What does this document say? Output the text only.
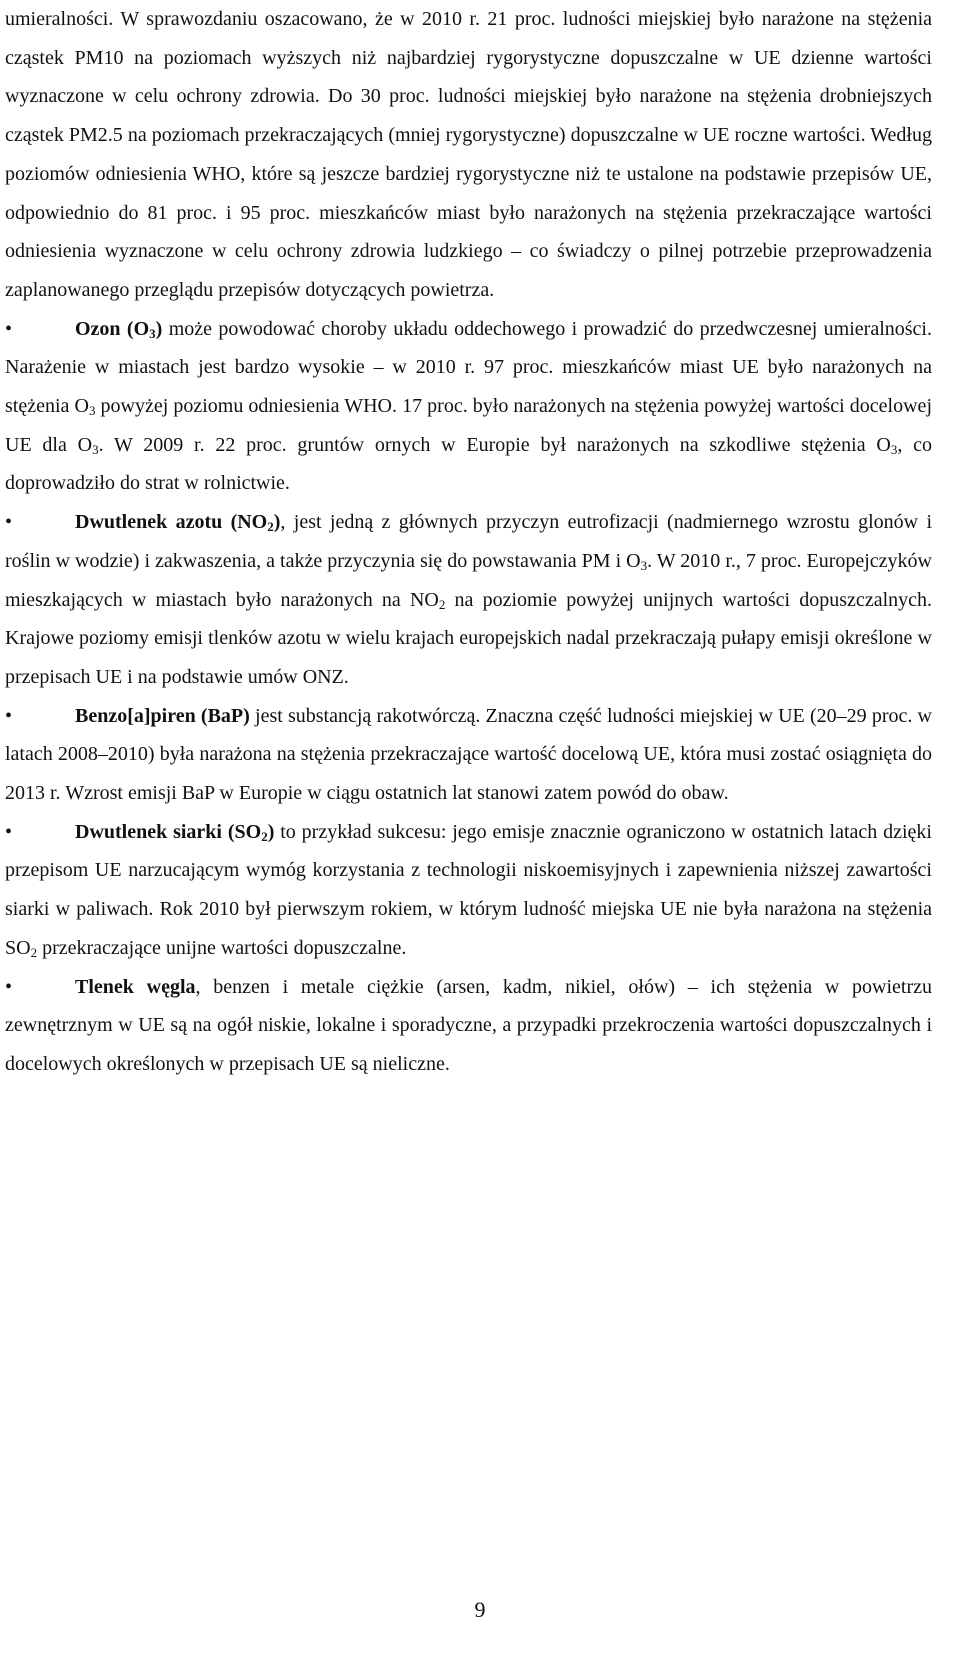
umieralności. W sprawozdaniu oszacowano, że w 2010 r. 21 proc. ludności miejskiej było narażone na stężenia cząstek PM10 na poziomach wyższych niż najbardziej rygorystyczne dopuszczalne w UE dzienne wartości wyznaczone w celu ochrony zdrowia. Do 30 proc. ludności miejskiej było narażone na stężenia drobniejszych cząstek PM2.5 na poziomach przekraczających (mniej rygorystyczne) dopuszczalne w UE roczne wartości. Według poziomów odniesienia WHO, które są jeszcze bardziej rygorystyczne niż te ustalone na podstawie przepisów UE, odpowiednio do 81 proc. i 95 proc. mieszkańców miast było narażonych na stężenia przekraczające wartości odniesienia wyznaczone w celu ochrony zdrowia ludzkiego – co świadczy o pilnej potrzebie przeprowadzenia zaplanowanego przeglądu przepisów dotyczących powietrza.

•	Ozon $(O_3)$ może powodować choroby układu oddechowego i prowadzić do przedwczesnej umieralności. Narażenie w miastach jest bardzo wysokie – w 2010 r. 97 proc. mieszkańców miast UE było narażonych na stężenia $O_3$ powyżej poziomu odniesienia WHO. 17 proc. było narażonych na stężenia powyżej wartości docelowej UE dla $O_3$. W 2009 r. 22 proc. gruntów ornych w Europie był narażonych na szkodliwe stężenia $O_3$, co doprowadziło do strat w rolnictwie.

•	Dwutlenek azotu $(NO_2)$, jest jedną z głównych przyczyn eutrofizacji (nadmiernego wzrostu glonów i roślin w wodzie) i zakwaszenia, a także przyczynia się do powstawania PM i $O_3$. W 2010 r., 7 proc. Europejczyków mieszkających w miastach było narażonych na $NO_2$ na poziomie powyżej unijnych wartości dopuszczalnych. Krajowe poziomy emisji tlenków azotu w wielu krajach europejskich nadal przekraczają pułapy emisji określone w przepisach UE i na podstawie umów ONZ.

•	Benzo[a]piren (BaP) jest substancją rakotwórczą. Znaczna część ludności miejskiej w UE (20–29 proc. w latach 2008–2010) była narażona na stężenia przekraczające wartość docelową UE, która musi zostać osiągnięta do 2013 r. Wzrost emisji BaP w Europie w ciągu ostatnich lat stanowi zatem powód do obaw.

•	Dwutlenek siarki $(SO_2)$ to przykład sukcesu: jego emisje znacznie ograniczono w ostatnich latach dzięki przepisom UE narzucającym wymóg korzystania z technologii niskoemisyjnych i zapewnienia niższej zawartości siarki w paliwach. Rok 2010 był pierwszym rokiem, w którym ludność miejska UE nie była narażona na stężenia $SO_2$ przekraczające unijne wartości dopuszczalne.

•	Tlenek węgla, benzen i metale ciężkie (arsen, kadm, nikiel, ołów) – ich stężenia w powietrzu zewnętrznym w UE są na ogół niskie, lokalne i sporadyczne, a przypadki przekroczenia wartości dopuszczalnych i docelowych określonych w przepisach UE są nieliczne.

9
